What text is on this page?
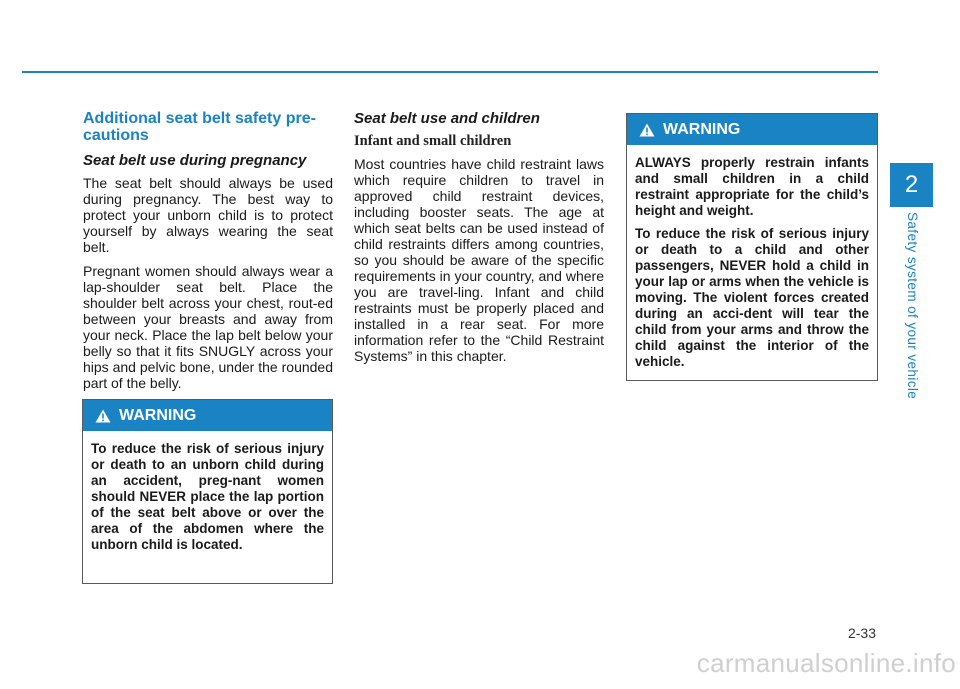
2
Safety system of your vehicle
Additional seat belt safety pre-cautions
Seat belt use during pregnancy

The seat belt should always be used during pregnancy. The best way to protect your unborn child is to protect yourself by always wearing the seat belt.

Pregnant women should always wear a lap-shoulder seat belt. Place the shoulder belt across your chest, rout-ed between your breasts and away from your neck. Place the lap belt below your belly so that it fits SNUGLY across your hips and pelvic bone, under the rounded part of the belly.

WARNING

To reduce the risk of serious injury or death to an unborn child during an accident, preg-nant women should NEVER place the lap portion of the seat belt above or over the area of the abdomen where the unborn child is located.

Seat belt use and children
Infant and small children

Most countries have child restraint laws which require children to travel in approved child restraint devices, including booster seats. The age at which seat belts can be used instead of child restraints differs among countries, so you should be aware of the specific requirements in your country, and where you are travel-ling. Infant and child restraints must be properly placed and installed in a rear seat. For more information refer to the “Child Restraint Systems” in this chapter.

WARNING

ALWAYS properly restrain infants and small children in a child restraint appropriate for the child’s height and weight.

To reduce the risk of serious injury or death to a child and other passengers, NEVER hold a child in your lap or arms when the vehicle is moving. The violent forces created during an acci-dent will tear the child from your arms and throw the child against the interior of the vehicle.

2-33
carmanualsonline.info
